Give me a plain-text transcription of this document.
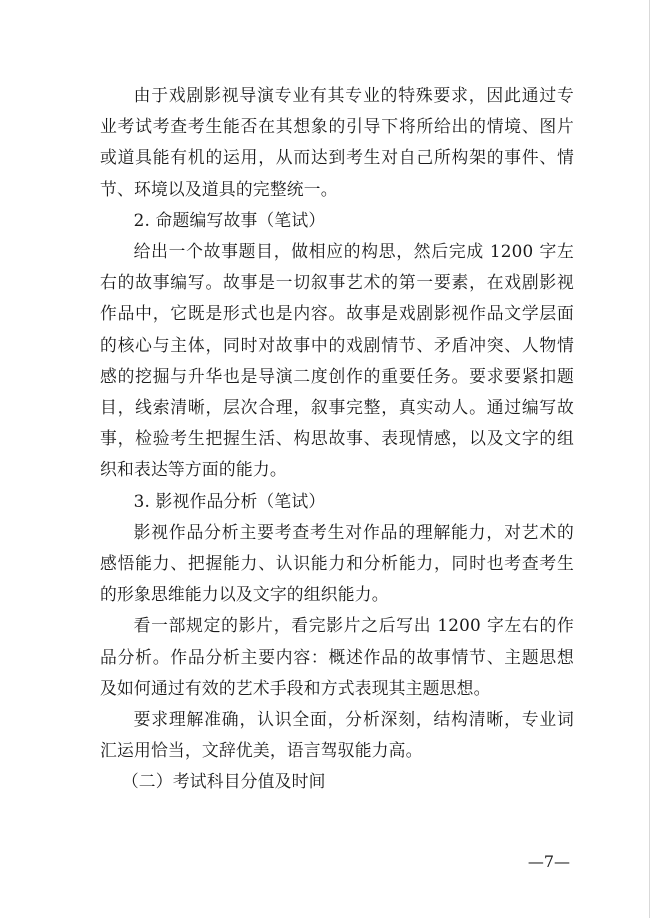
由于戏剧影视导演专业有其专业的特殊要求，因此通过专业考试考查考生能否在其想象的引导下将所给出的情境、图片或道具能有机的运用，从而达到考生对自己所构架的事件、情节、环境以及道具的完整统一。

2. 命题编写故事（笔试）

给出一个故事题目，做相应的构思，然后完成 1200 字左右的故事编写。故事是一切叙事艺术的第一要素，在戏剧影视作品中，它既是形式也是内容。故事是戏剧影视作品文学层面的核心与主体，同时对故事中的戏剧情节、矛盾冲突、人物情感的挖掘与升华也是导演二度创作的重要任务。要求要紧扣题目，线索清晰，层次合理，叙事完整，真实动人。通过编写故事，检验考生把握生活、构思故事、表现情感，以及文字的组织和表达等方面的能力。

3. 影视作品分析（笔试）

影视作品分析主要考查考生对作品的理解能力，对艺术的感悟能力、把握能力、认识能力和分析能力，同时也考查考生的形象思维能力以及文字的组织能力。

看一部规定的影片，看完影片之后写出 1200 字左右的作品分析。作品分析主要内容：概述作品的故事情节、主题思想及如何通过有效的艺术手段和方式表现其主题思想。

要求理解准确，认识全面，分析深刻，结构清晰，专业词汇运用恰当，文辞优美，语言驾驭能力高。

（二）考试科目分值及时间

—7—
